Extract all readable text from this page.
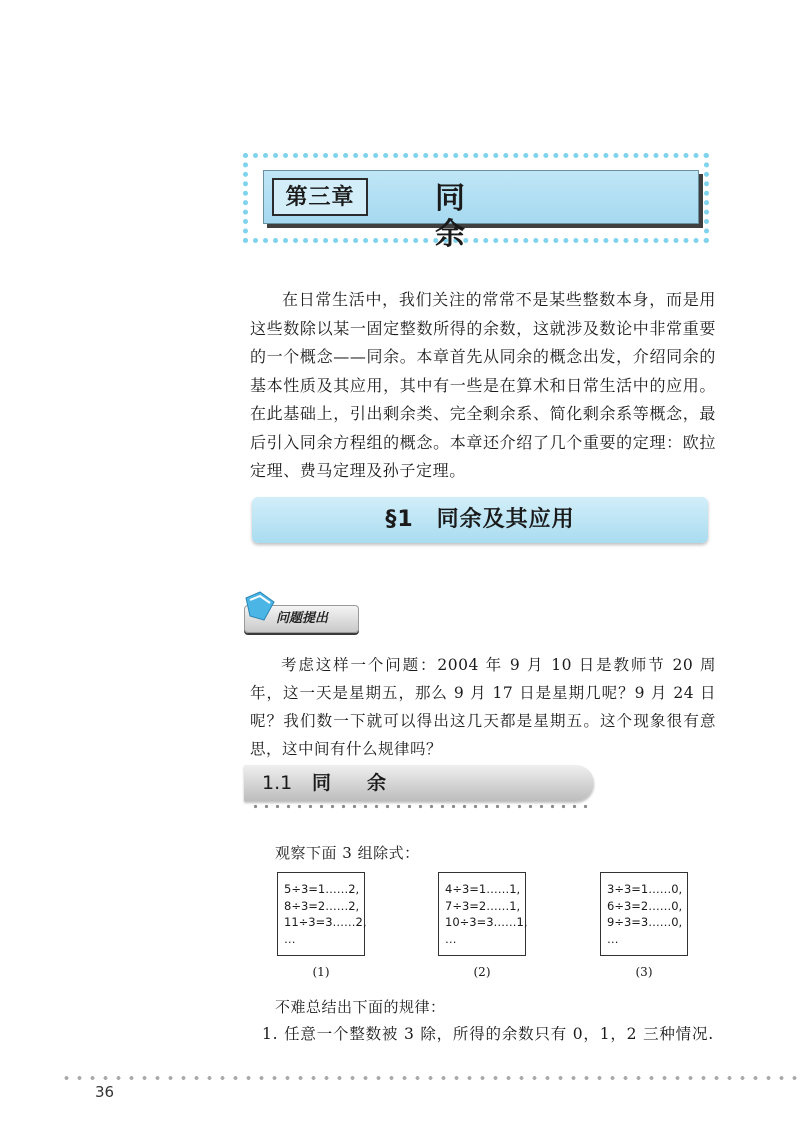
第三章	同余

在日常生活中，我们关注的常常不是某些整数本身，而是用这些数除以某一固定整数所得的余数，这就涉及数论中非常重要的一个概念——同余。本章首先从同余的概念出发，介绍同余的基本性质及其应用，其中有一些是在算术和日常生活中的应用。在此基础上，引出剩余类、完全剩余系、简化剩余系等概念，最后引入同余方程组的概念。本章还介绍了几个重要的定理：欧拉定理、费马定理及孙子定理。

§1　同余及其应用
问题提出

考虑这样一个问题：2004 年 9 月 10 日是教师节 20 周年，这一天是星期五，那么 9 月 17 日是星期几呢？9 月 24 日呢？我们数一下就可以得出这几天都是星期五。这个现象很有意思，这中间有什么规律吗？

1.1 同余
观察下面 3 组除式：
5÷3=1……2,
8÷3=2……2,
11÷3=3……2,
…
(1)
4÷3=1……1,
7÷3=2……1,
10÷3=3……1,
…
(2)
3÷3=1……0,
6÷3=2……0,
9÷3=3……0,
…
(3)
不难总结出下面的规律：
1. 任意一个整数被 3 除，所得的余数只有 0，1，2 三种情况.
36
